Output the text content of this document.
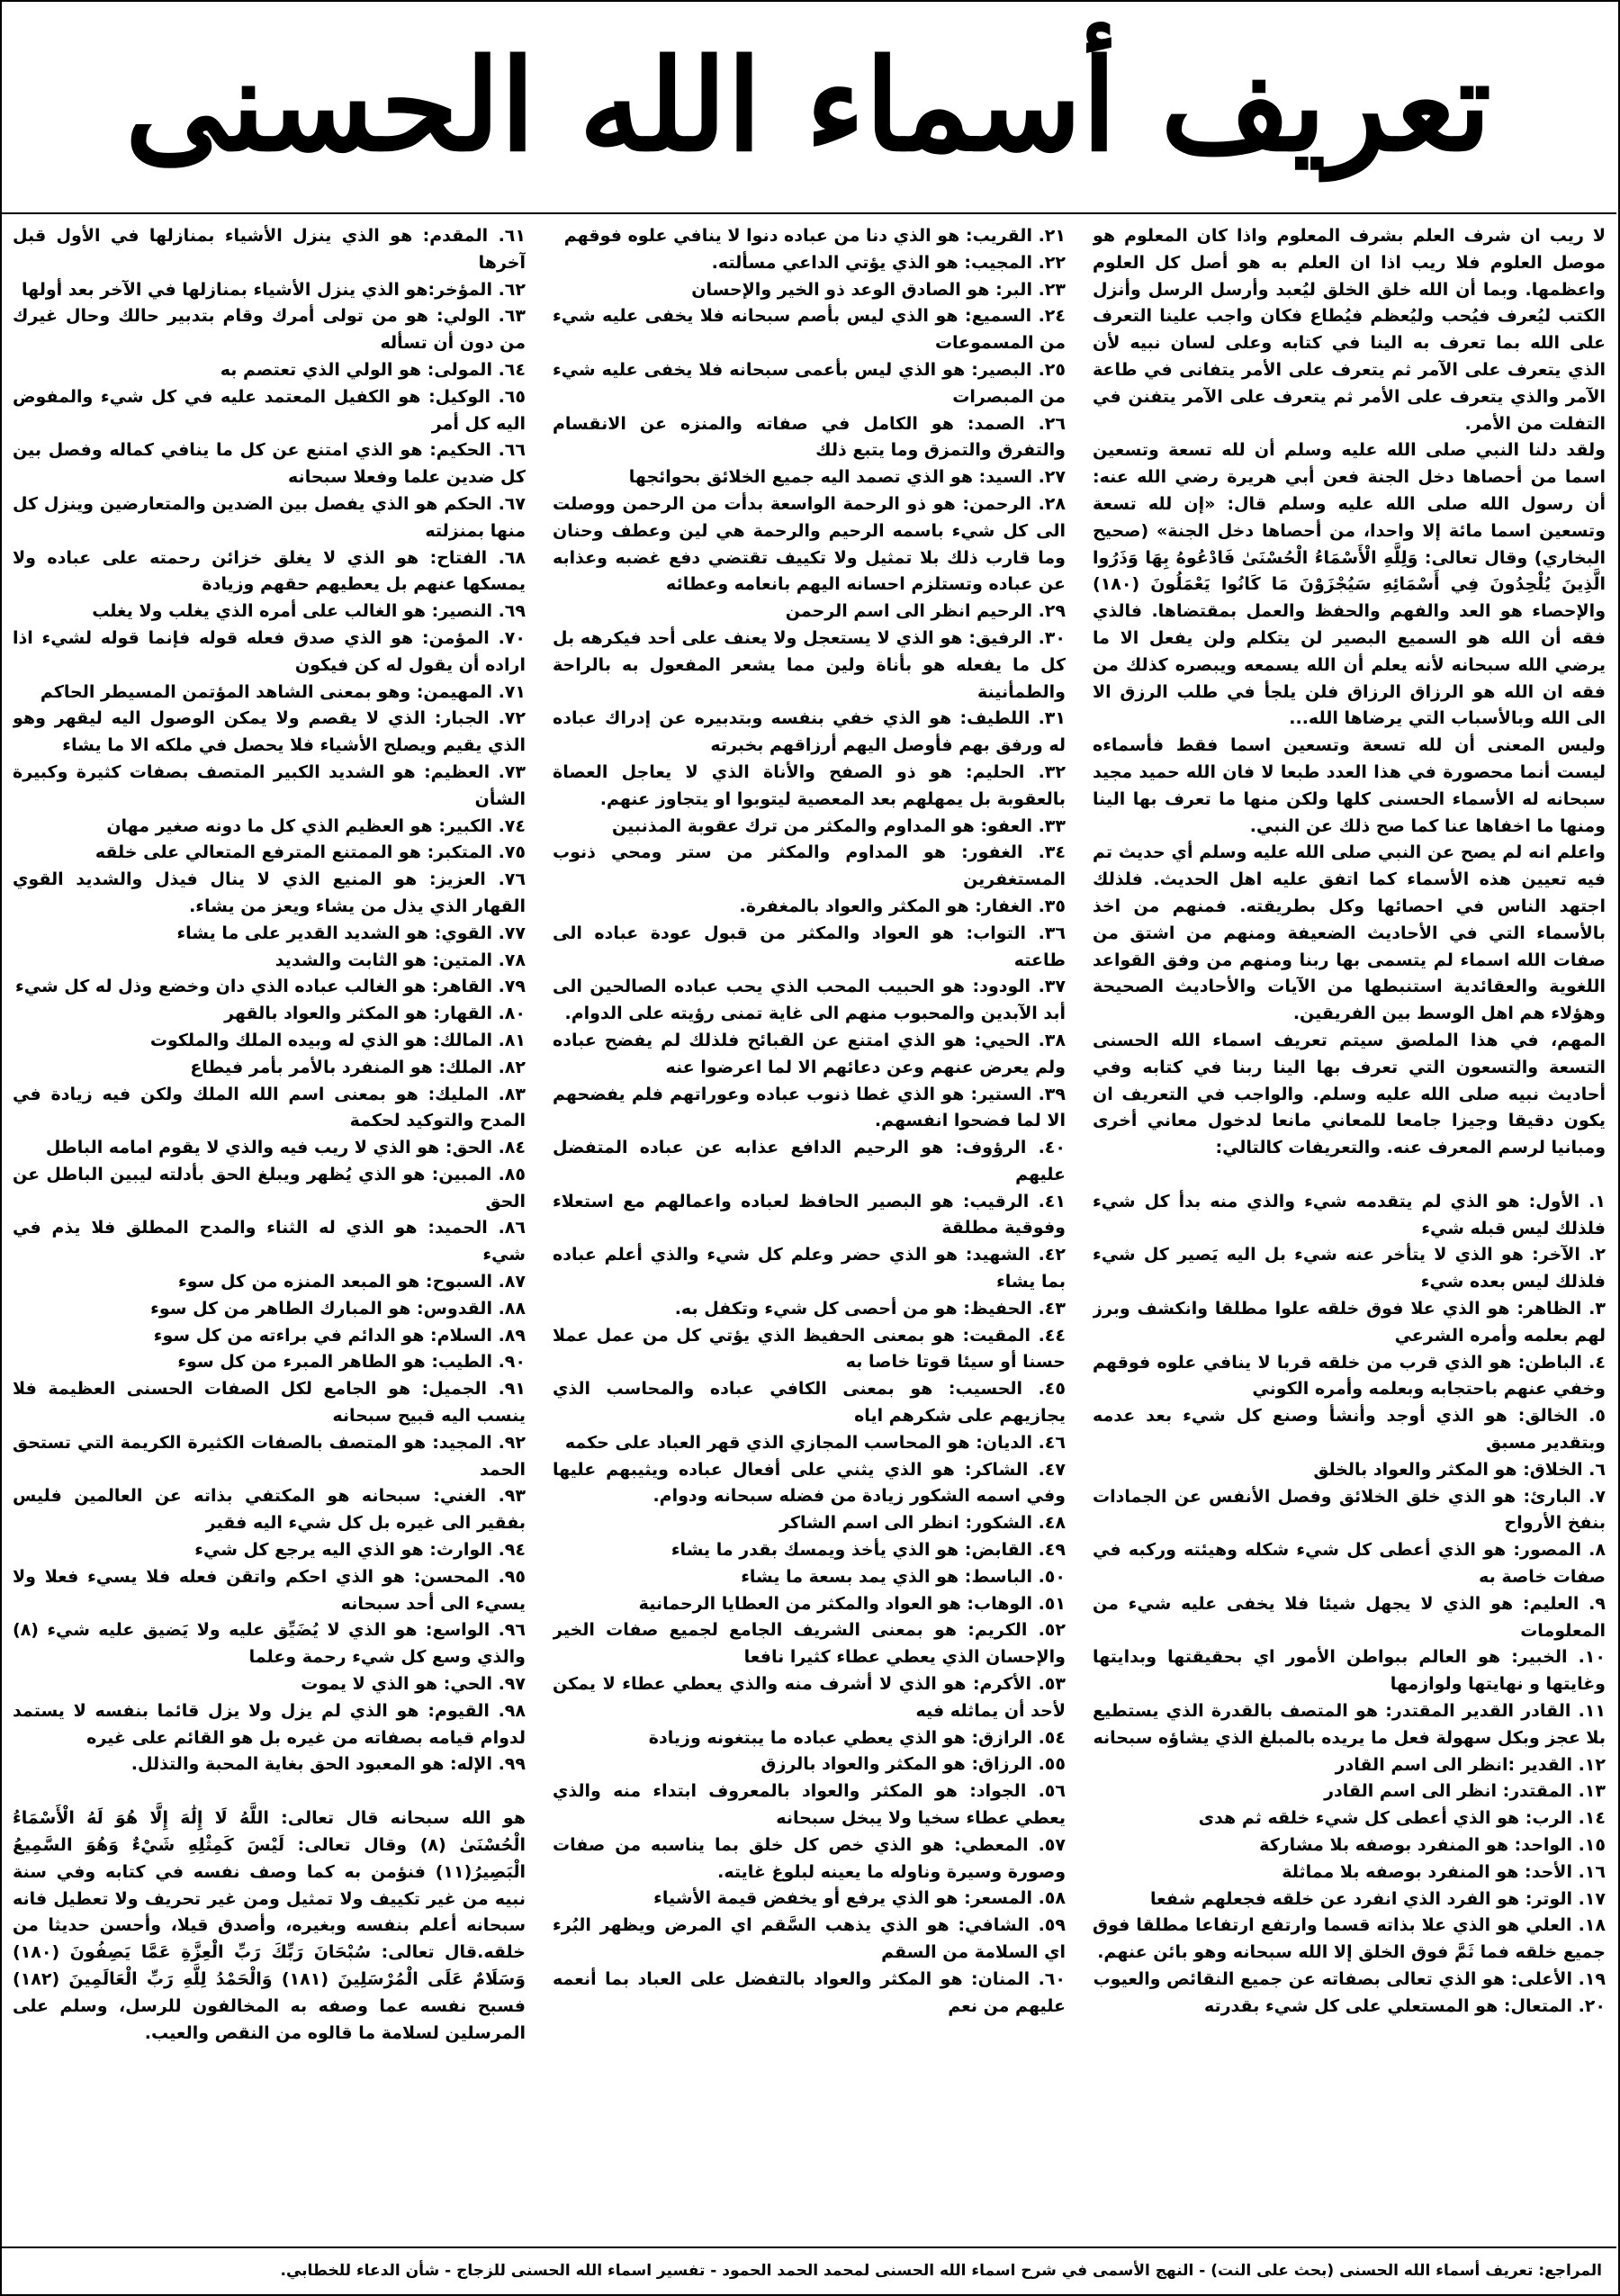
تعريف أسماء الله الحسنى

لا ريب ان شرف العلم بشرف المعلوم واذا كان المعلوم هو موصل العلوم فلا ريب اذا ان العلم به هو أصل كل العلوم واعظمها. وبما أن الله خلق الخلق ليُعبد وأرسل الرسل وأنزل الكتب ليُعرف فيُحب وليُعظم فيُطاع فكان واجب علينا التعرف على الله بما تعرف به الينا في كتابه وعلى لسان نبيه لأن الذي يتعرف على الآمر ثم يتعرف على الأمر يتفانى في طاعة الآمر والذي يتعرف على الأمر ثم يتعرف على الآمر يتفنن في التفلت من الأمر.

ولقد دلنا النبي صلى الله عليه وسلم أن لله تسعة وتسعين اسما من أحصاها دخل الجنة فعن أبي هريرة رضي الله عنه: أن رسول الله صلى الله عليه وسلم قال: «إن لله تسعة وتسعين اسما مائة إلا واحدا، من أحصاها دخل الجنة» (صحيح البخاري) وقال تعالى: وَلِلَّهِ الْأَسْمَاءُ الْحُسْنَىٰ فَادْعُوهُ بِهَا وَذَرُوا الَّذِينَ يُلْحِدُونَ فِي أَسْمَائِهِ سَيُجْزَوْنَ مَا كَانُوا يَعْمَلُونَ (١٨٠) والإحصاء هو العد والفهم والحفظ والعمل بمقتضاها. فالذي فقه أن الله هو السميع البصير لن يتكلم ولن يفعل الا ما يرضي الله سبحانه لأنه يعلم أن الله يسمعه ويبصره كذلك من فقه ان الله هو الرزاق الرزاق فلن يلجأ في طلب الرزق الا الى الله وبالأسباب التي يرضاها الله...

وليس المعنى أن لله تسعة وتسعين اسما فقط فأسماءه ليست أنما محصورة في هذا العدد طبعا لا فان الله حميد مجيد سبحانه له الأسماء الحسنى كلها ولكن منها ما تعرف بها الينا ومنها ما اخفاها عنا كما صح ذلك عن النبي.

واعلم انه لم يصح عن النبي صلى الله عليه وسلم أي حديث تم فيه تعيين هذه الأسماء كما اتفق عليه اهل الحديث. فلذلك اجتهد الناس في احصائها وكل بطريقته. فمنهم من اخذ بالأسماء التي في الأحاديث الضعيفة ومنهم من اشتق من صفات الله اسماء لم يتسمى بها ربنا ومنهم من وفق القواعد اللغوية والعقائدية استنبطها من الآيات والأحاديث الصحيحة وهؤلاء هم اهل الوسط بين الفريقين.

المهم، في هذا الملصق سيتم تعريف اسماء الله الحسنى التسعة والتسعون التي تعرف بها الينا ربنا في كتابه وفي أحاديث نبيه صلى الله عليه وسلم. والواجب في التعريف ان يكون دقيقا وجيزا جامعا للمعاني مانعا لدخول معاني أخرى ومبانيا لرسم المعرف عنه. والتعريفات كالتالي:

١. الأول: هو الذي لم يتقدمه شيء والذي منه بدأ كل شيء فلذلك ليس قبله شيء

٢. الآخر: هو الذي لا يتأخر عنه شيء بل اليه يَصير كل شيء فلذلك ليس بعده شيء

٣. الظاهر: هو الذي علا فوق خلقه علوا مطلقا وانكشف وبرز لهم بعلمه وأمره الشرعي

٤. الباطن: هو الذي قرب من خلقه قربا لا ينافي علوه فوقهم وخفي عنهم باحتجابه وبعلمه وأمره الكوني

٥. الخالق: هو الذي أوجد وأنشأ وصنع كل شيء بعد عدمه وبتقدير مسبق

٦. الخلاق: هو المكثر والعواد بالخلق

٧. البارئ: هو الذي خلق الخلائق وفصل الأنفس عن الجمادات بنفخ الأرواح

٨. المصور: هو الذي أعطى كل شيء شكله وهيئته وركبه في صفات خاصة به

٩. العليم: هو الذي لا يجهل شيئا فلا يخفى عليه شيء من المعلومات

١٠. الخبير: هو العالم ببواطن الأمور اي بحقيقتها وبدايتها وغايتها و نهايتها ولوازمها

١١. القادر القدير المقتدر: هو المتصف بالقدرة الذي يستطيع بلا عجز وبكل سهولة فعل ما يريده بالمبلغ الذي يشاؤه سبحانه

١٢. القدير :انظر الى اسم القادر

١٣. المقتدر: انظر الى اسم القادر

١٤. الرب: هو الذي أعطى كل شيء خلقه ثم هدى

١٥. الواحد: هو المنفرد بوصفه بلا مشاركة

١٦. الأحد: هو المنفرد بوصفه بلا مماثلة

١٧. الوتر: هو الفرد الذي انفرد عن خلقه فجعلهم شفعا

١٨. العلي هو الذي علا بذاته قسما وارتفع ارتفاعا مطلقا فوق جميع خلقه فما ثَمَّ فوق الخلق إلا الله سبحانه وهو بائن عنهم.

١٩. الأعلى: هو الذي تعالى بصفاته عن جميع النقائص والعيوب

٢٠. المتعال: هو المستعلي على كل شيء بقدرته

٢١. القريب: هو الذي دنا من عباده دنوا لا ينافي علوه فوقهم

٢٢. المجيب: هو الذي يؤتي الداعي مسألته.

٢٣. البر: هو الصادق الوعد ذو الخير والإحسان

٢٤. السميع: هو الذي ليس بأصم سبحانه فلا يخفى عليه شيء من المسموعات

٢٥. البصير: هو الذي ليس بأعمى سبحانه فلا يخفى عليه شيء من المبصرات

٢٦. الصمد: هو الكامل في صفاته والمنزه عن الانقسام والتفرق والتمزق وما يتبع ذلك

٢٧. السيد: هو الذي تصمد اليه جميع الخلائق بحوائجها

٢٨. الرحمن: هو ذو الرحمة الواسعة بدأت من الرحمن ووصلت الى كل شيء باسمه الرحيم والرحمة هي لين وعطف وحنان وما قارب ذلك بلا تمثيل ولا تكييف تقتضي دفع غضبه وعذابه عن عباده وتستلزم احسانه اليهم بانعامه وعطائه

٢٩. الرحيم انظر الى اسم الرحمن

٣٠. الرفيق: هو الذي لا يستعجل ولا يعنف على أحد فيكرهه بل كل ما يفعله هو بأناة ولين مما يشعر المفعول به بالراحة والطمأنينة

٣١. اللطيف: هو الذي خفي بنفسه وبتدبيره عن إدراك عباده له ورفق بهم فأوصل اليهم أرزاقهم بخبرته

٣٢. الحليم: هو ذو الصفح والأناة الذي لا يعاجل العصاة بالعقوبة بل يمهلهم بعد المعصية ليتوبوا او يتجاوز عنهم.

٣٣. العفو: هو المداوم والمكثر من ترك عقوبة المذنبين

٣٤. الغفور: هو المداوم والمكثر من ستر ومحي ذنوب المستغفرين

٣٥. الغفار: هو المكثر والعواد بالمغفرة.

٣٦. التواب: هو العواد والمكثر من قبول عودة عباده الى طاعته

٣٧. الودود: هو الحبيب المحب الذي يحب عباده الصالحين الى أبد الآبدين والمحبوب منهم الى غاية تمنى رؤيته على الدوام.

٣٨. الحيي: هو الذي امتنع عن القبائح فلذلك لم يفضح عباده ولم يعرض عنهم وعن دعائهم الا لما اعرضوا عنه

٣٩. الستير: هو الذي غطا ذنوب عباده وعوراتهم فلم يفضحهم الا لما فضحوا انفسهم.

٤٠. الرؤوف: هو الرحيم الدافع عذابه عن عباده المتفضل عليهم

٤١. الرقيب: هو البصير الحافظ لعباده واعمالهم مع استعلاء وفوقية مطلقة

٤٢. الشهيد: هو الذي حضر وعلم كل شيء والذي أعلم عباده بما يشاء

٤٣. الحفيظ: هو من أحصى كل شيء وتكفل به.

٤٤. المقيت: هو بمعنى الحفيظ الذي يؤتي كل من عمل عملا حسنا أو سيئا قوتا خاصا به

٤٥. الحسيب: هو بمعنى الكافي عباده والمحاسب الذي يجازيهم على شكرهم اياه

٤٦. الديان: هو المحاسب المجازي الذي قهر العباد على حكمه

٤٧. الشاكر: هو الذي يثني على أفعال عباده ويثيبهم عليها وفي اسمه الشكور زيادة من فضله سبحانه ودوام.

٤٨. الشكور: انظر الى اسم الشاكر

٤٩. القابض: هو الذي يأخذ ويمسك بقدر ما يشاء

٥٠. الباسط: هو الذي يمد بسعة ما يشاء

٥١. الوهاب: هو العواد والمكثر من العطايا الرحمانية

٥٢. الكريم: هو بمعنى الشريف الجامع لجميع صفات الخير والإحسان الذي يعطي عطاء كثيرا نافعا

٥٣. الأكرم: هو الذي لا أشرف منه والذي يعطي عطاء لا يمكن لأحد أن يماثله فيه

٥٤. الرازق: هو الذي يعطي عباده ما يبتغونه وزيادة

٥٥. الرزاق: هو المكثر والعواد بالرزق

٥٦. الجواد: هو المكثر والعواد بالمعروف ابتداء منه والذي يعطي عطاء سخيا ولا يبخل سبحانه

٥٧. المعطي: هو الذي خص كل خلق بما يناسبه من صفات وصورة وسيرة وناوله ما يعينه لبلوغ غايته.

٥٨. المسعر: هو الذي يرفع أو يخفض قيمة الأشياء

٥٩. الشافي: هو الذي يذهب السَّقم اي المرض ويظهر البُرء اي السلامة من السقم

٦٠. المنان: هو المكثر والعواد بالتفضل على العباد بما أنعمه عليهم من نعم

٦١. المقدم: هو الذي ينزل الأشياء بمنازلها في الأول قبل آخرها

٦٢. المؤخر:هو الذي ينزل الأشياء بمنازلها في الآخر بعد أولها

٦٣. الولي: هو من تولى أمرك وقام بتدبير حالك وحال غيرك من دون أن تسأله

٦٤. المولى: هو الولي الذي تعتصم به

٦٥. الوكيل: هو الكفيل المعتمد عليه في كل شيء والمفوض اليه كل أمر

٦٦. الحكيم: هو الذي امتنع عن كل ما ينافي كماله وفصل بين كل ضدين علما وفعلا سبحانه

٦٧. الحكم هو الذي يفصل بين الضدين والمتعارضين وينزل كل منها بمنزلته

٦٨. الفتاح: هو الذي لا يغلق خزائن رحمته على عباده ولا يمسكها عنهم بل يعطيهم حقهم وزيادة

٦٩. النصير: هو الغالب على أمره الذي يغلب ولا يغلب

٧٠. المؤمن: هو الذي صدق فعله قوله فإنما قوله لشيء اذا اراده أن يقول له كن فيكون

٧١. المهيمن: وهو بمعنى الشاهد المؤتمن المسيطر الحاكم

٧٢. الجبار: الذي لا يقصم ولا يمكن الوصول اليه ليقهر وهو الذي يقيم ويصلح الأشياء فلا يحصل في ملكه الا ما يشاء

٧٣. العظيم: هو الشديد الكبير المتصف بصفات كثيرة وكبيرة الشأن

٧٤. الكبير: هو العظيم الذي كل ما دونه صغير مهان

٧٥. المتكبر: هو الممتنع المترفع المتعالي على خلقه

٧٦. العزيز: هو المنيع الذي لا ينال فيذل والشديد القوي القهار الذي يذل من يشاء ويعز من يشاء.

٧٧. القوي: هو الشديد القدير على ما يشاء

٧٨. المتين: هو الثابت والشديد

٧٩. القاهر: هو الغالب عباده الذي دان وخضع وذل له كل شيء

٨٠. القهار: هو المكثر والعواد بالقهر

٨١. المالك: هو الذي له وبيده الملك والملكوت

٨٢. الملك: هو المنفرد بالأمر بأمر فيطاع

٨٣. المليك: هو بمعنى اسم الله الملك ولكن فيه زيادة في المدح والتوكيد لحكمة

٨٤. الحق: هو الذي لا ريب فيه والذي لا يقوم امامه الباطل

٨٥. المبين: هو الذي يُظهر ويبلغ الحق بأدلته ليبين الباطل عن الحق

٨٦. الحميد: هو الذي له الثناء والمدح المطلق فلا يذم في شيء

٨٧. السبوح: هو المبعد المنزه من كل سوء

٨٨. القدوس: هو المبارك الطاهر من كل سوء

٨٩. السلام: هو الدائم في براءته من كل سوء

٩٠. الطيب: هو الطاهر المبرء من كل سوء

٩١. الجميل: هو الجامع لكل الصفات الحسنى العظيمة فلا ينسب اليه قبيح سبحانه

٩٢. المجيد: هو المتصف بالصفات الكثيرة الكريمة التي تستحق الحمد

٩٣. الغني: سبحانه هو المكتفي بذاته عن العالمين فليس بفقير الى غيره بل كل شيء اليه فقير

٩٤. الوارث: هو الذي اليه يرجع كل شيء

٩٥. المحسن: هو الذي احكم واتقن فعله فلا يسيء فعلا ولا يسيء الى أحد سبحانه

٩٦. الواسع: هو الذي لا يُضَيِّق عليه ولا يَضيق عليه شيء (٨) والذي وسع كل شيء رحمة وعلما

٩٧. الحي: هو الذي لا يموت

٩٨. القيوم: هو الذي لم يزل ولا يزل قائما بنفسه لا يستمد لدوام قيامه بصفاته من غيره بل هو القائم على غيره

٩٩. الإله: هو المعبود الحق بغاية المحبة والتذلل.

هو الله سبحانه قال تعالى: اللَّهُ لَا إِلَٰهَ إِلَّا هُوَ لَهُ الْأَسْمَاءُ الْحُسْنَىٰ (٨) وقال تعالى: لَيْسَ كَمِثْلِهِ شَيْءٌ وَهُوَ السَّمِيعُ الْبَصِيرُ(١١) فنؤمن به كما وصف نفسه في كتابه وفي سنة نبيه من غير تكييف ولا تمثيل ومن غير تحريف ولا تعطيل فانه سبحانه أعلم بنفسه وبغيره، وأصدق قيلا، وأحسن حديثا من خلقه.قال تعالى: سُبْحَانَ رَبِّكَ رَبِّ الْعِزَّةِ عَمَّا يَصِفُونَ (١٨٠) وَسَلَامٌ عَلَى الْمُرْسَلِينَ (١٨١) وَالْحَمْدُ لِلَّهِ رَبِّ الْعَالَمِينَ (١٨٢) فسبح نفسه عما وصفه به المخالفون للرسل، وسلم على المرسلين لسلامة ما قالوه من النقص والعيب.

المراجع: تعريف أسماء الله الحسنى (بحث على النت) - النهج الأسمى في شرح اسماء الله الحسنى لمحمد الحمد الحمود - تفسير اسماء الله الحسنى للزجاج - شأن الدعاء للخطابي.
